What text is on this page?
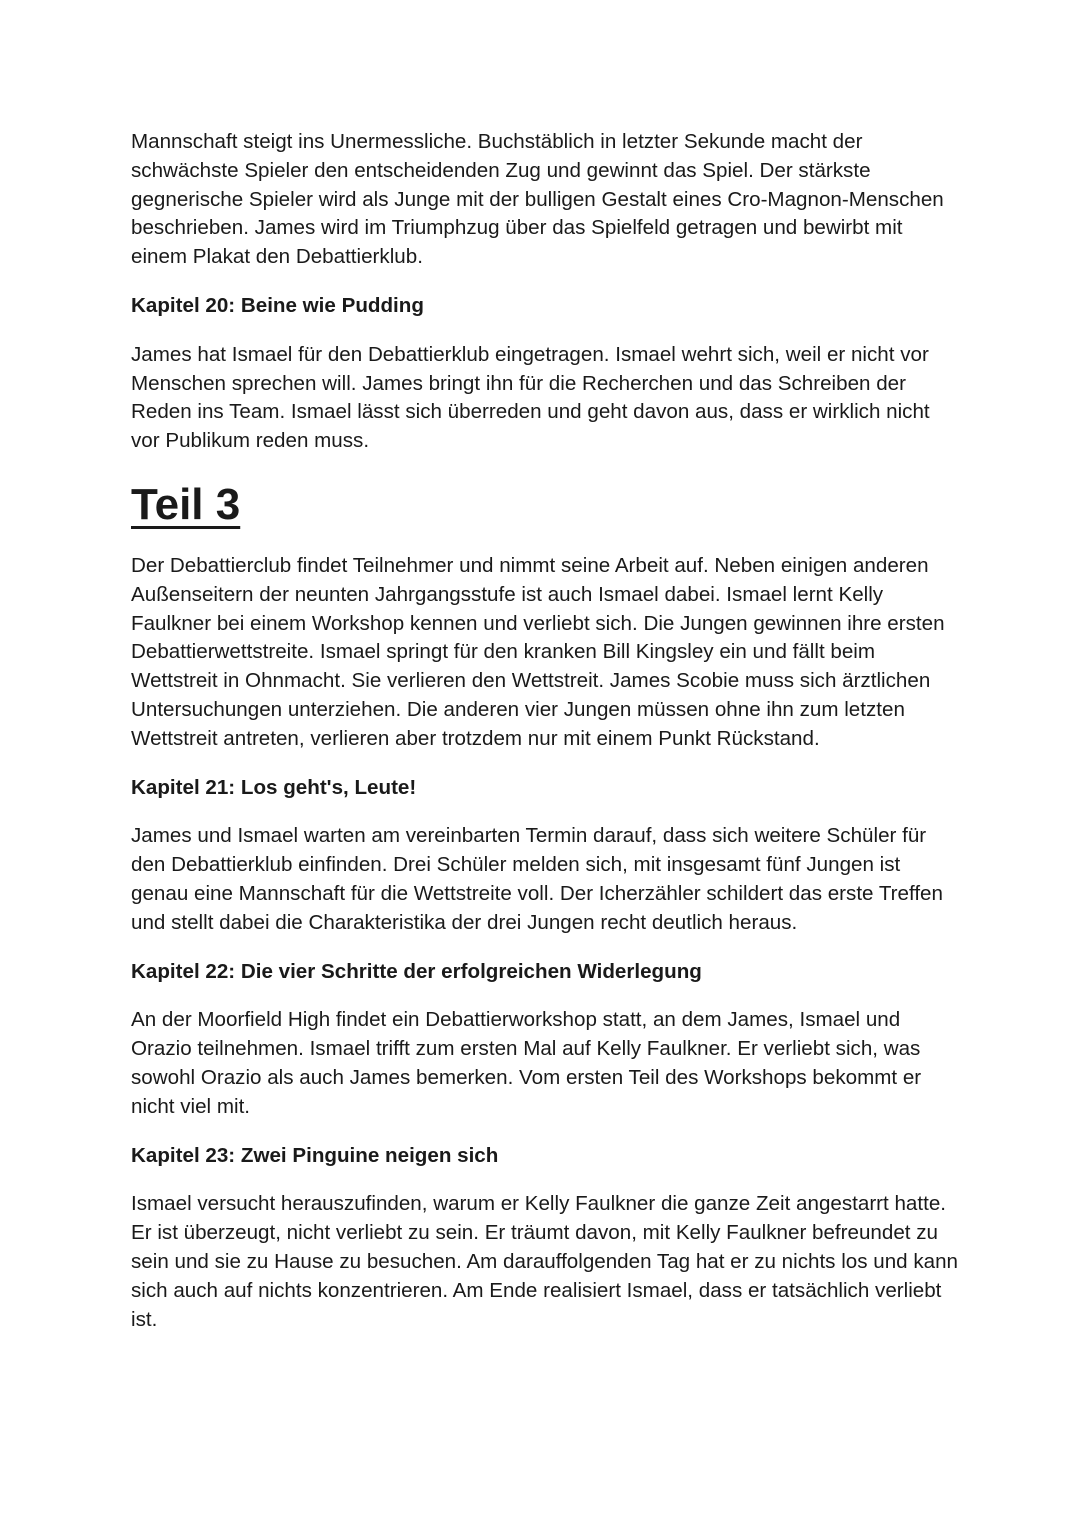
Mannschaft steigt ins Unermessliche. Buchstäblich in letzter Sekunde macht der schwächste Spieler den entscheidenden Zug und gewinnt das Spiel. Der stärkste gegnerische Spieler wird als Junge mit der bulligen Gestalt eines Cro-Magnon-Menschen beschrieben. James wird im Triumphzug über das Spielfeld getragen und bewirbt mit einem Plakat den Debattierklub.

Kapitel 20: Beine wie Pudding

James hat Ismael für den Debattierklub eingetragen. Ismael wehrt sich, weil er nicht vor Menschen sprechen will. James bringt ihn für die Recherchen und das Schreiben der Reden ins Team. Ismael lässt sich überreden und geht davon aus, dass er wirklich nicht vor Publikum reden muss.

Teil 3

Der Debattierclub findet Teilnehmer und nimmt seine Arbeit auf. Neben einigen anderen Außenseitern der neunten Jahrgangsstufe ist auch Ismael dabei. Ismael lernt Kelly Faulkner bei einem Workshop kennen und verliebt sich. Die Jungen gewinnen ihre ersten Debattierwettstreite. Ismael springt für den kranken Bill Kingsley ein und fällt beim Wettstreit in Ohnmacht. Sie verlieren den Wettstreit. James Scobie muss sich ärztlichen Untersuchungen unterziehen. Die anderen vier Jungen müssen ohne ihn zum letzten Wettstreit antreten, verlieren aber trotzdem nur mit einem Punkt Rückstand.

Kapitel 21: Los geht's, Leute!

James und Ismael warten am vereinbarten Termin darauf, dass sich weitere Schüler für den Debattierklub einfinden. Drei Schüler melden sich, mit insgesamt fünf Jungen ist genau eine Mannschaft für die Wettstreite voll. Der Icherzähler schildert das erste Treffen und stellt dabei die Charakteristika der drei Jungen recht deutlich heraus.

Kapitel 22: Die vier Schritte der erfolgreichen Widerlegung

An der Moorfield High findet ein Debattierworkshop statt, an dem James, Ismael und Orazio teilnehmen. Ismael trifft zum ersten Mal auf Kelly Faulkner. Er verliebt sich, was sowohl Orazio als auch James bemerken. Vom ersten Teil des Workshops bekommt er nicht viel mit.

Kapitel 23: Zwei Pinguine neigen sich

Ismael versucht herauszufinden, warum er Kelly Faulkner die ganze Zeit angestarrt hatte. Er ist überzeugt, nicht verliebt zu sein. Er träumt davon, mit Kelly Faulkner befreundet zu sein und sie zu Hause zu besuchen. Am darauffolgenden Tag hat er zu nichts los und kann sich auch auf nichts konzentrieren. Am Ende realisiert Ismael, dass er tatsächlich verliebt ist.
